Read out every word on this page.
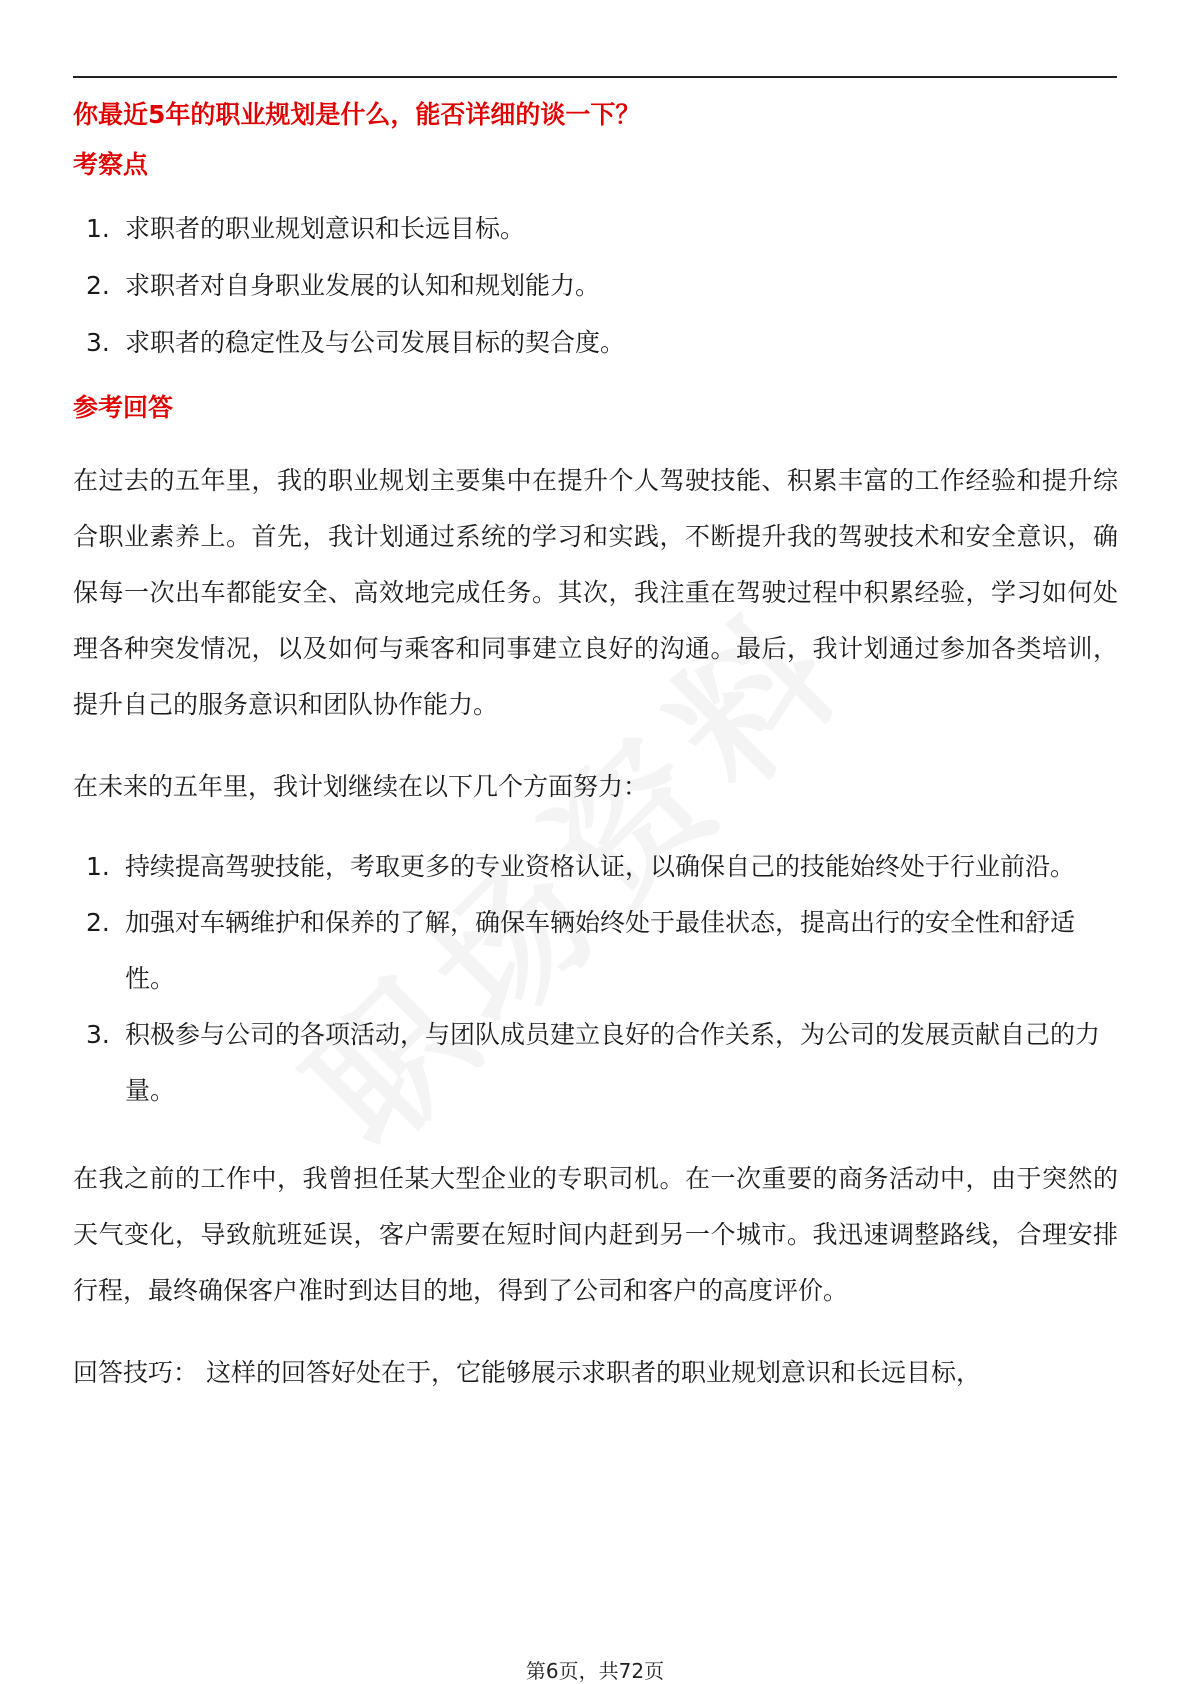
你最近5年的职业规划是什么，能否详细的谈一下？

考察点

1. 求职者的职业规划意识和长远目标。
2. 求职者对自身职业发展的认知和规划能力。
3. 求职者的稳定性及与公司发展目标的契合度。

参考回答

在过去的五年里，我的职业规划主要集中在提升个人驾驶技能、积累丰富的工作经验和提升综合职业素养上。首先，我计划通过系统的学习和实践，不断提升我的驾驶技术和安全意识，确保每一次出车都能安全、高效地完成任务。其次，我注重在驾驶过程中积累经验，学习如何处理各种突发情况，以及如何与乘客和同事建立良好的沟通。最后，我计划通过参加各类培训，提升自己的服务意识和团队协作能力。

在未来的五年里，我计划继续在以下几个方面努力：

1. 持续提高驾驶技能，考取更多的专业资格认证，以确保自己的技能始终处于行业前沿。
2. 加强对车辆维护和保养的了解，确保车辆始终处于最佳状态，提高出行的安全性和舒适性。
3. 积极参与公司的各项活动，与团队成员建立良好的合作关系，为公司的发展贡献自己的力量。

在我之前的工作中，我曾担任某大型企业的专职司机。在一次重要的商务活动中，由于突然的天气变化，导致航班延误，客户需要在短时间内赶到另一个城市。我迅速调整路线，合理安排行程，最终确保客户准时到达目的地，得到了公司和客户的高度评价。

回答技巧： 这样的回答好处在于，它能够展示求职者的职业规划意识和长远目标，

第6页，共72页
